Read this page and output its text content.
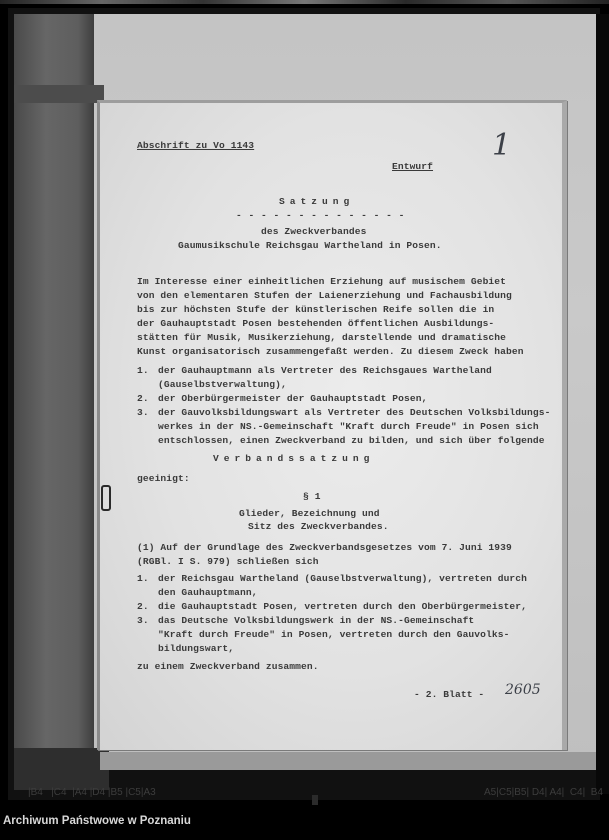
|B4   |C4  |A4 |D4 |B5 |C5|A3	A5|C5|B5| D4| A4|  C4|  B4
Abschrift zu Vo 1143
Entwurf
1
Satzung
- - - - - - - - - - - - - -
des Zweckverbandes
Gaumusikschule Reichsgau Wartheland in Posen.
Im Interesse einer einheitlichen Erziehung auf musischem Gebiet
von den elementaren Stufen der Laienerziehung und Fachausbildung
bis zur höchsten Stufe der künstlerischen Reife sollen die in
der Gauhauptstadt Posen bestehenden öffentlichen Ausbildungs-
stätten für Musik, Musikerziehung, darstellende und dramatische
Kunst organisatorisch zusammengefaßt werden. Zu diesem Zweck haben
1. der Gauhauptmann als Vertreter des Reichsgaues Wartheland
(Gauselbstverwaltung),
2. der Oberbürgermeister der Gauhauptstadt Posen,
3. der Gauvolksbildungswart als Vertreter des Deutschen Volksbildungs-
werkes in der NS.-Gemeinschaft "Kraft durch Freude" in Posen sich
entschlossen, einen Zweckverband zu bilden, und sich über folgende
Verbandssatzung
geeinigt:
§ 1
Glieder, Bezeichnung und
Sitz des Zweckverbandes.
(1) Auf der Grundlage des Zweckverbandsgesetzes vom 7. Juni 1939
(RGBl. I S. 979) schließen sich
1. der Reichsgau Wartheland (Gauselbstverwaltung), vertreten durch
den Gauhauptmann,
2. die Gauhauptstadt Posen, vertreten durch den Oberbürgermeister,
3. das Deutsche Volksbildungswerk in der NS.-Gemeinschaft
"Kraft durch Freude" in Posen, vertreten durch den Gauvolks-
bildungswart,
zu einem Zweckverband zusammen.
- 2. Blatt - 2605
Archiwum Państwowe w Poznaniu
